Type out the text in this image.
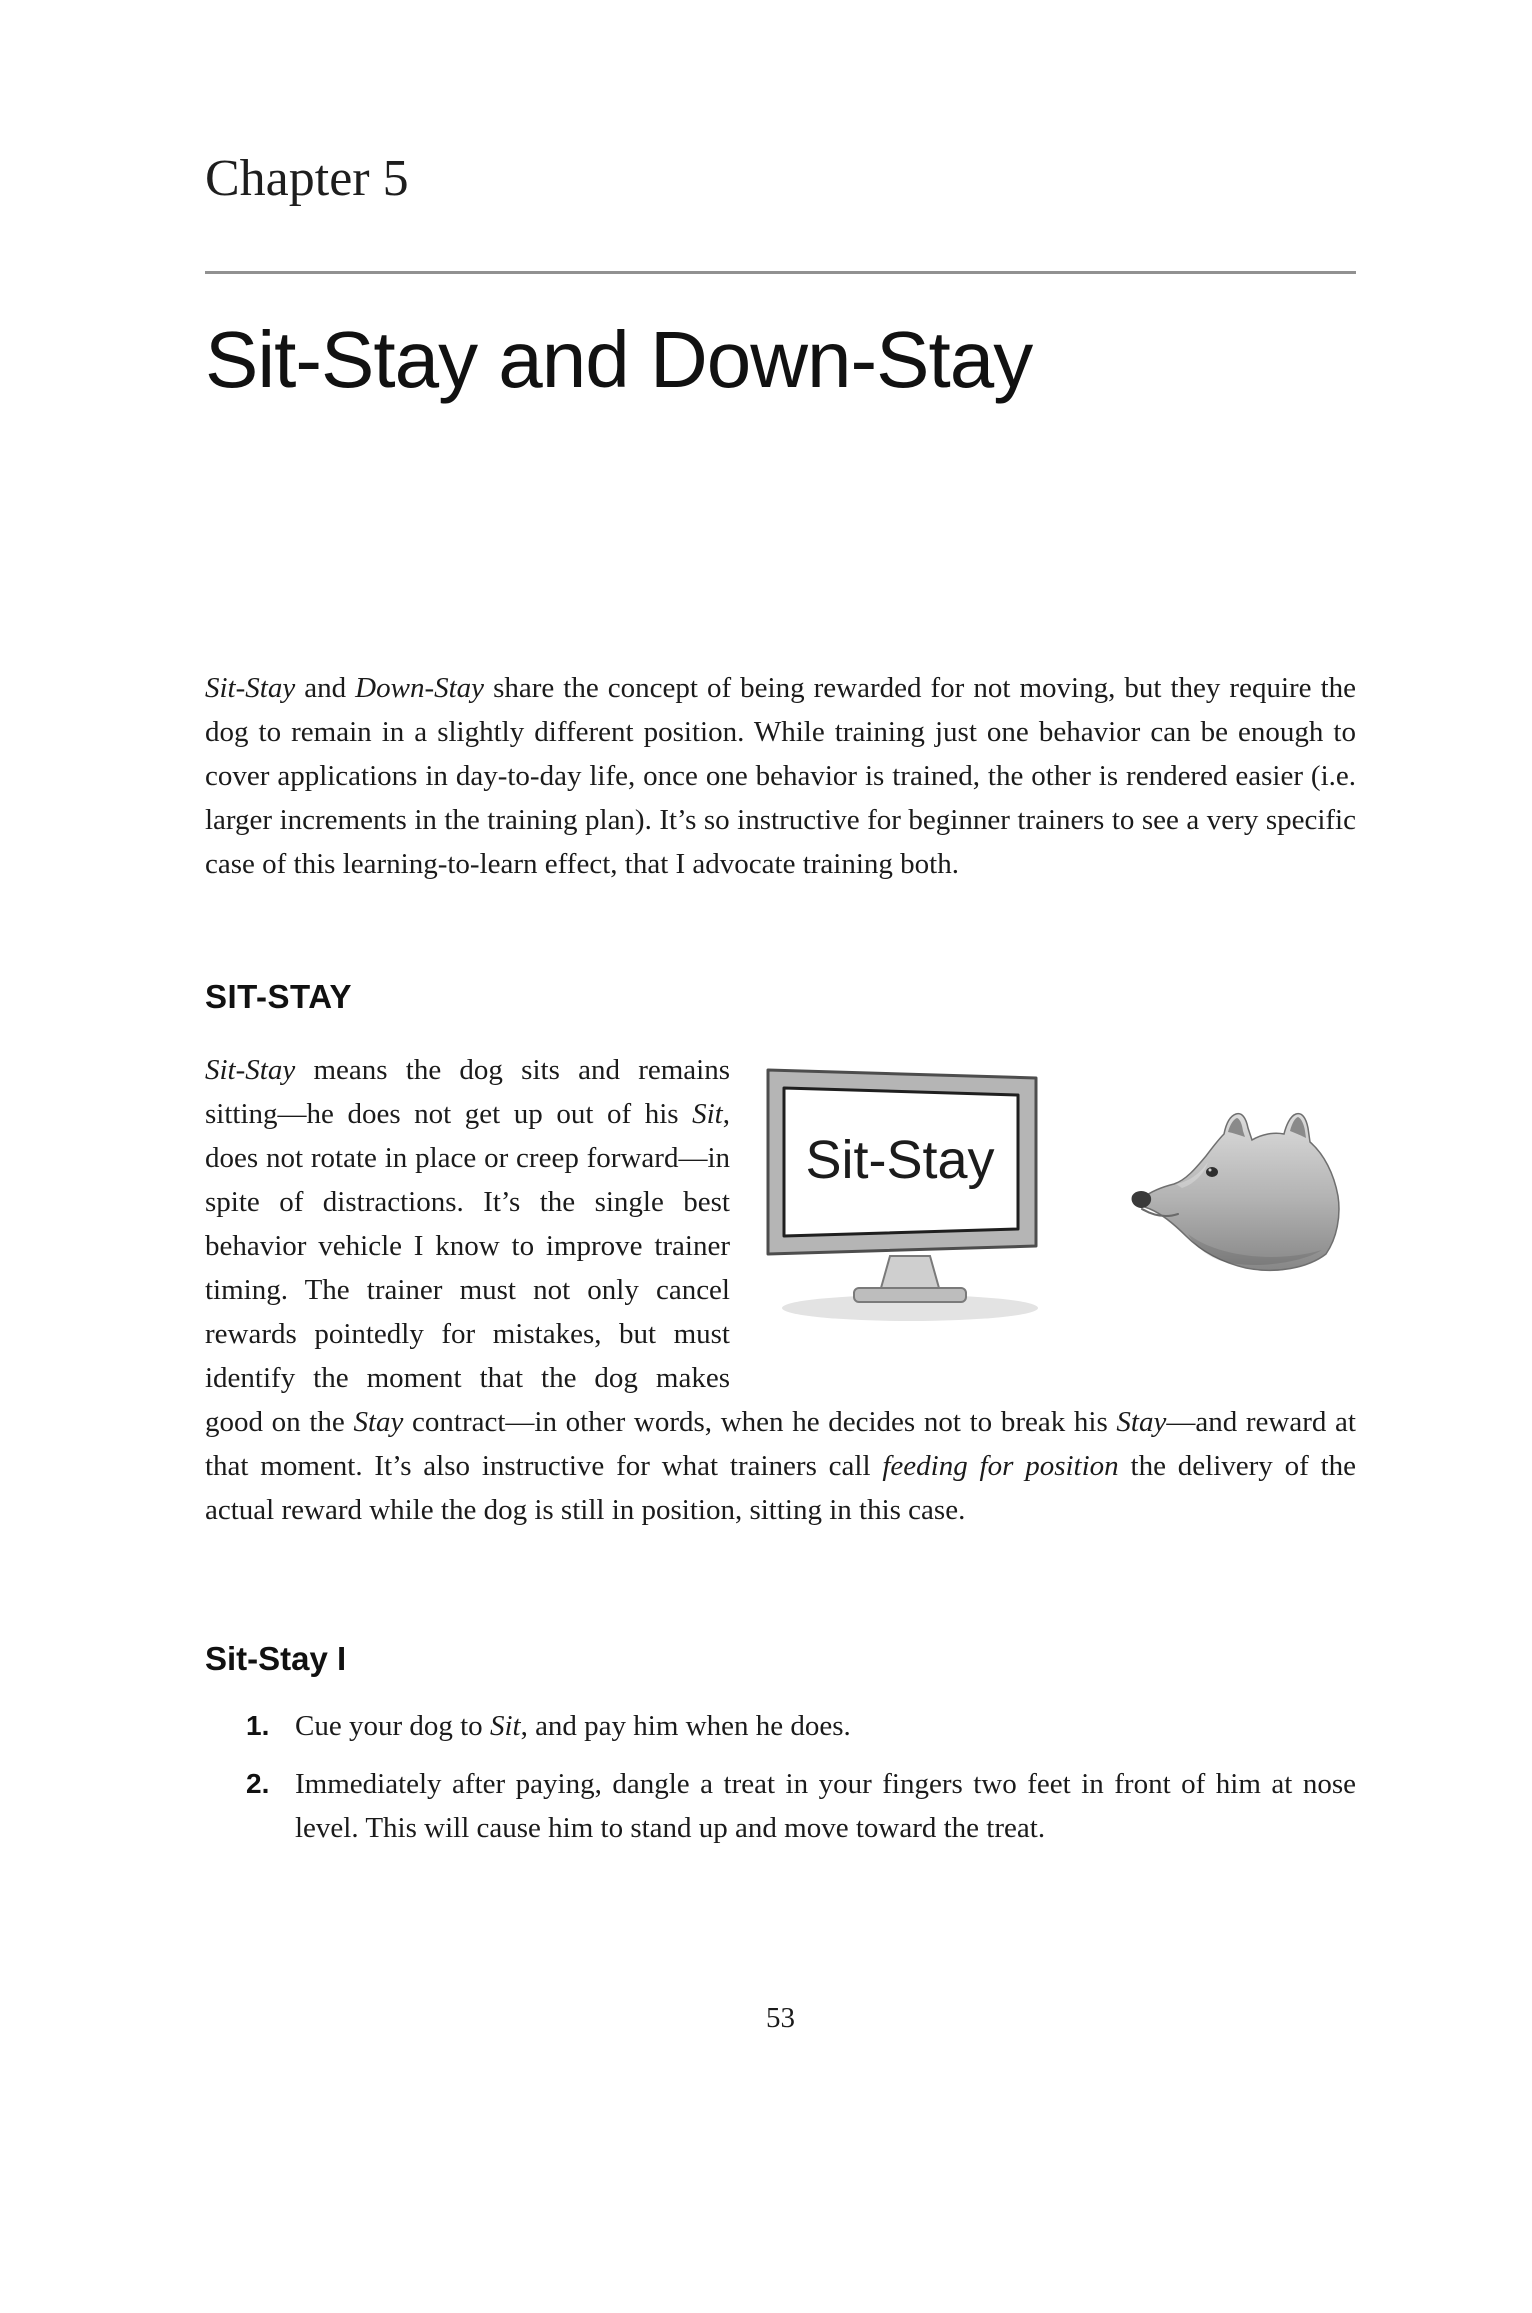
Chapter 5
Sit-Stay and Down-Stay

Sit-Stay and Down-Stay share the concept of being rewarded for not moving, but they require the dog to remain in a slightly different position. While training just one behavior can be enough to cover applications in day-to-day life, once one behavior is trained, the other is rendered easier (i.e. larger increments in the training plan). It’s so instructive for beginner trainers to see a very specific case of this learning-to-learn effect, that I advocate training both.

SIT-STAY
Sit-Stay
Sit-Stay means the dog sits and remains sitting—he does not get up out of his Sit, does not rotate in place or creep forward—in spite of distractions. It’s the single best behavior vehicle I know to improve trainer timing. The trainer must not only cancel rewards pointedly for mistakes, but must identify the moment that the dog makes good on the Stay contract—in other words, when he decides not to break his Stay—and reward at that moment. It’s also instructive for what trainers call feeding for position the delivery of the actual reward while the dog is still in position, sitting in this case.
Sit-Stay I
1. Cue your dog to Sit, and pay him when he does.
2. Immediately after paying, dangle a treat in your fingers two feet in front of him at nose level. This will cause him to stand up and move toward the treat.
53
